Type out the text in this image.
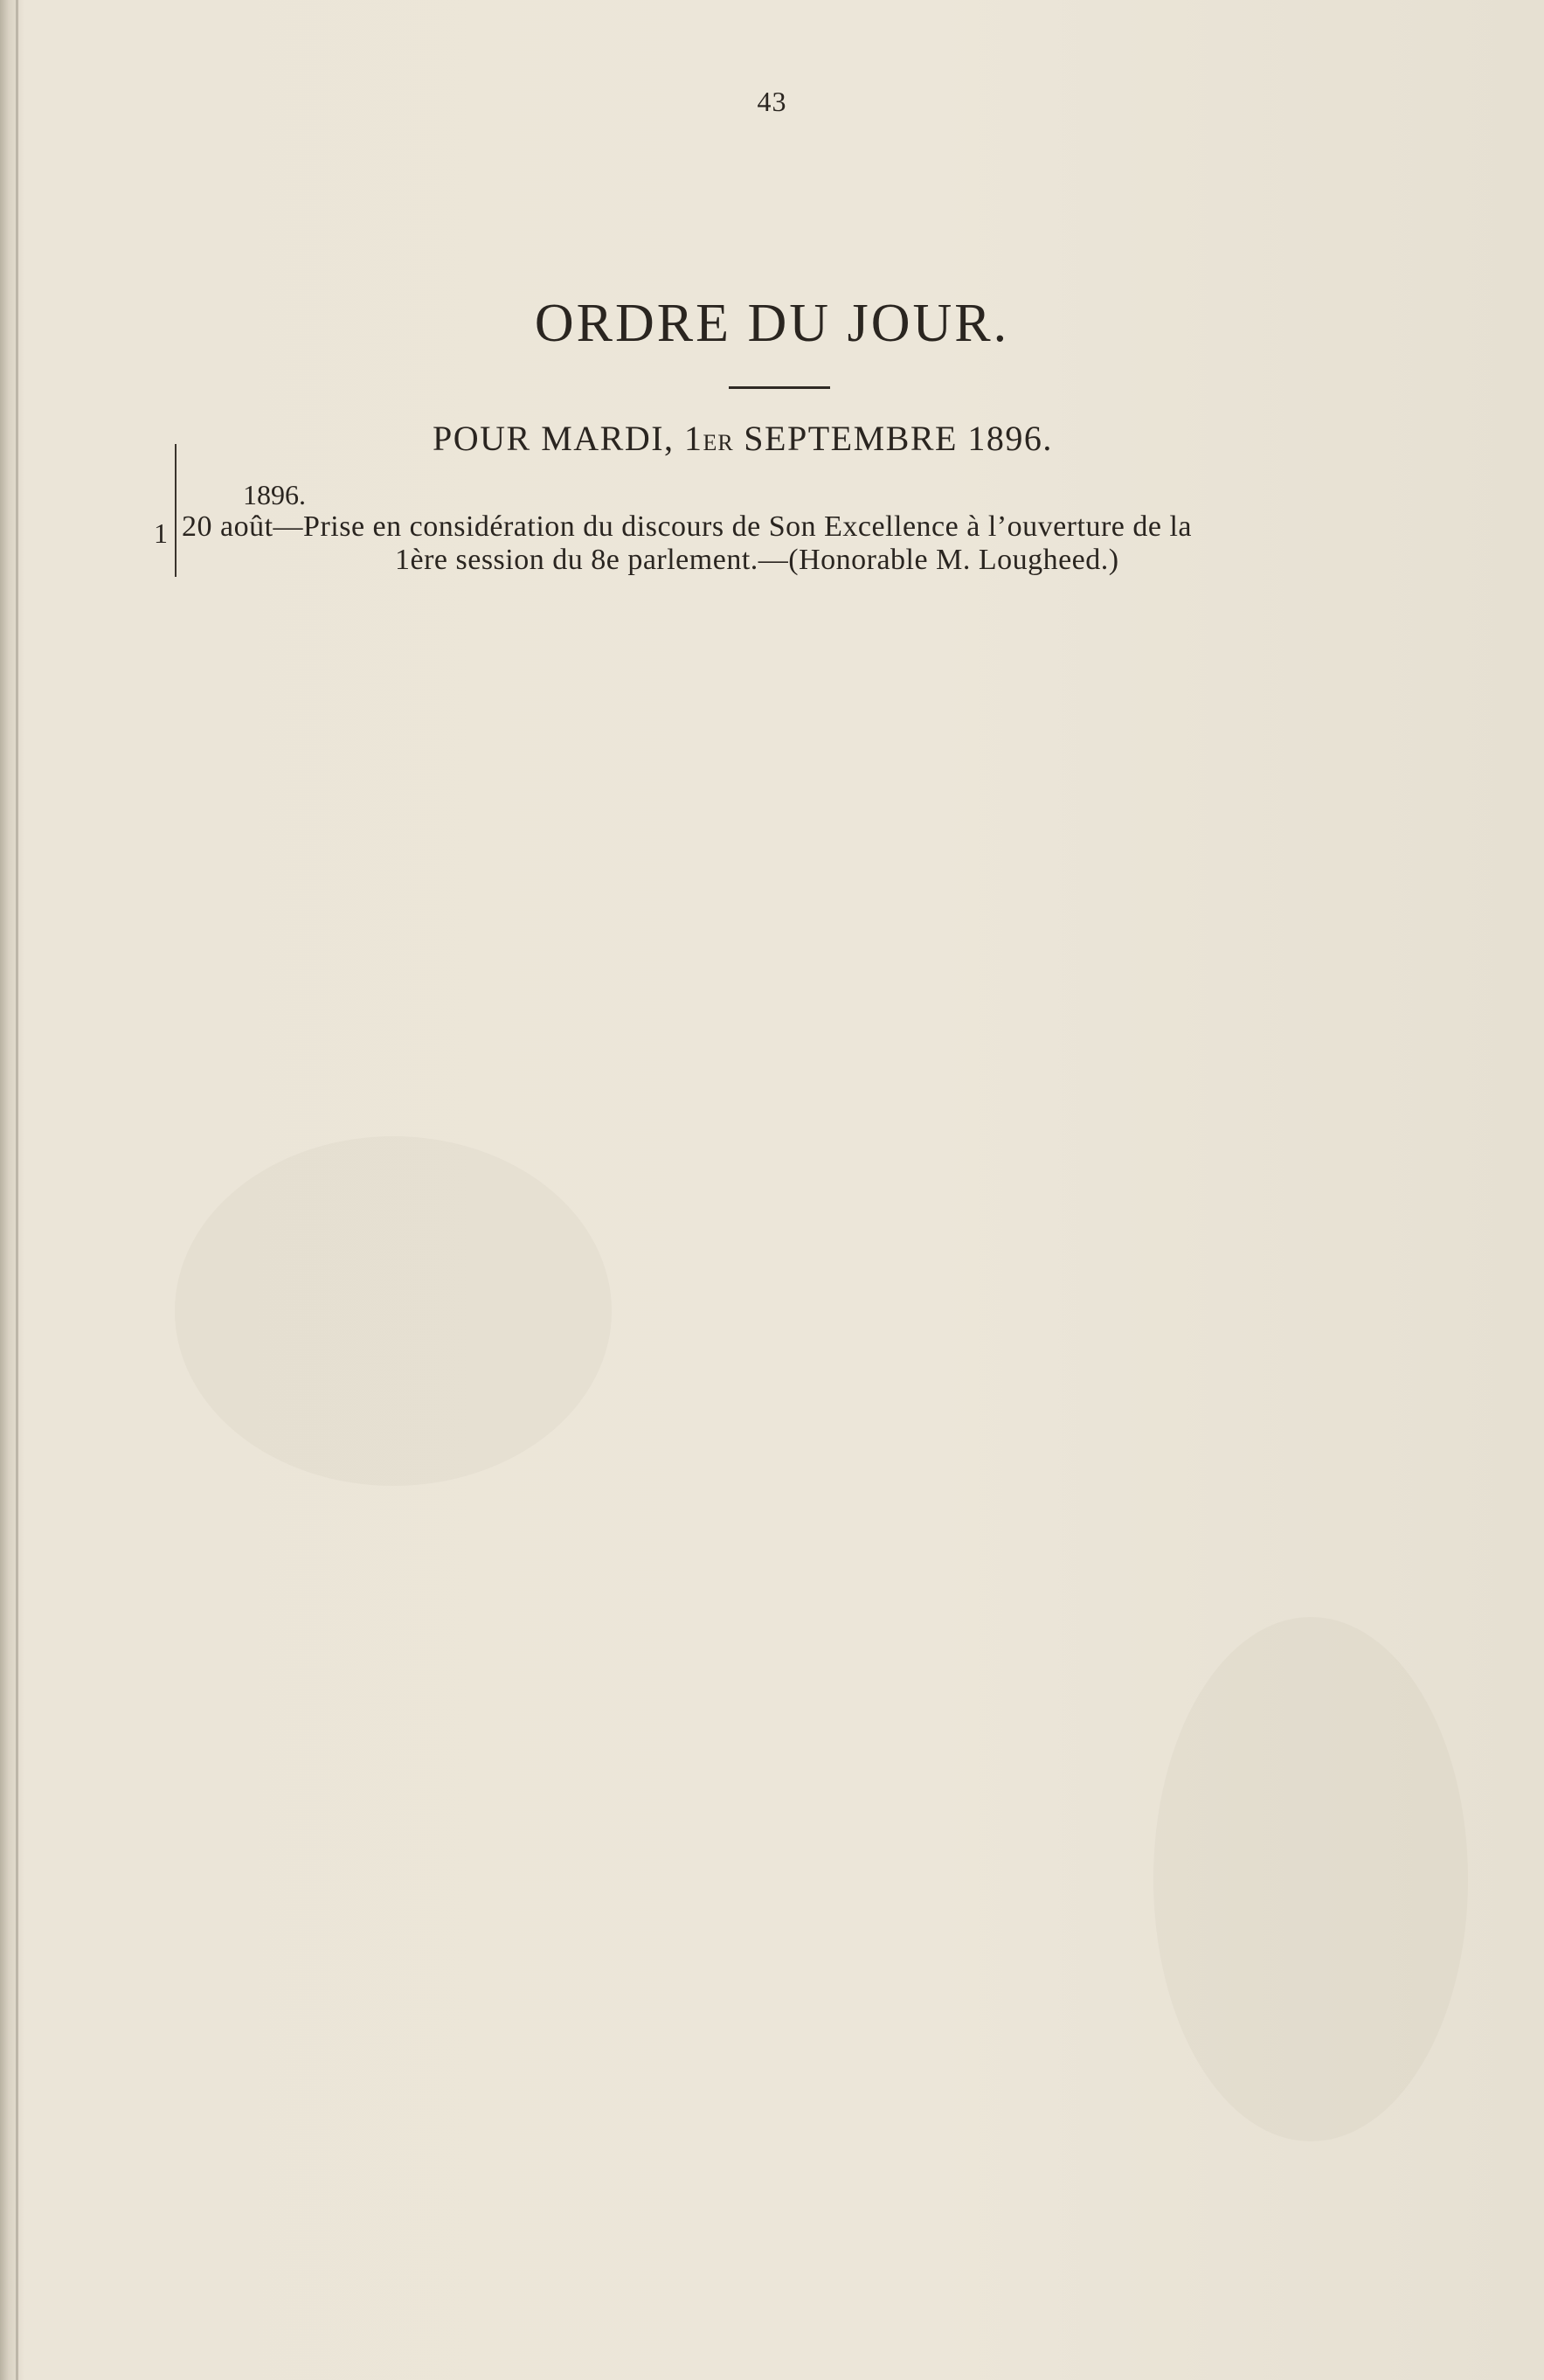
43
ORDRE DU JOUR.
POUR MARDI, 1ER SEPTEMBRE 1896.
1
1896.
20 août—Prise en considération du discours de Son Excellence à l’ouverture de la
1ère session du 8e parlement.—(Honorable M. Lougheed.)
